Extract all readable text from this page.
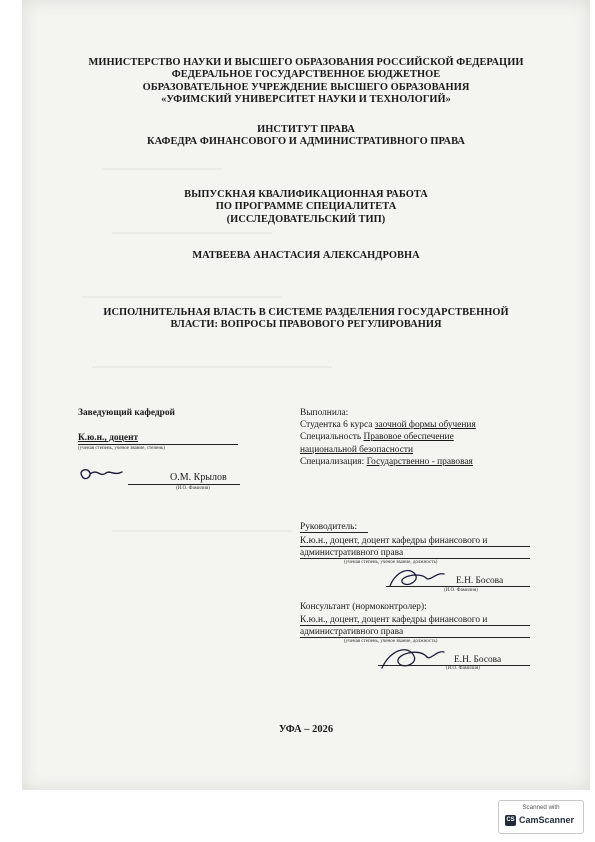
МИНИСТЕРСТВО НАУКИ И ВЫСШЕГО ОБРАЗОВАНИЯ РОССИЙСКОЙ ФЕДЕРАЦИИ
ФЕДЕРАЛЬНОЕ ГОСУДАРСТВЕННОЕ БЮДЖЕТНОЕ
ОБРАЗОВАТЕЛЬНОЕ УЧРЕЖДЕНИЕ ВЫСШЕГО ОБРАЗОВАНИЯ
«УФИМСКИЙ УНИВЕРСИТЕТ НАУКИ И ТЕХНОЛОГИЙ»
ИНСТИТУТ ПРАВА
КАФЕДРА ФИНАНСОВОГО И АДМИНИСТРАТИВНОГО ПРАВА
ВЫПУСКНАЯ КВАЛИФИКАЦИОННАЯ РАБОТА
ПО ПРОГРАММЕ СПЕЦИАЛИТЕТА
(ИССЛЕДОВАТЕЛЬСКИЙ ТИП)
МАТВЕЕВА АНАСТАСИЯ АЛЕКСАНДРОВНА
ИСПОЛНИТЕЛЬНАЯ ВЛАСТЬ В СИСТЕМЕ РАЗДЕЛЕНИЯ ГОСУДАРСТВЕННОЙ
ВЛАСТИ: ВОПРОСЫ ПРАВОВОГО РЕГУЛИРОВАНИЯ
Заведующий кафедрой
К.ю.н., доцент
(ученая степень, ученое звание, степень)
О.М. Крылов
(И.О. Фамилия)
Выполнила:
Студентка 6 курса заочной формы обучения
Специальность Правовое обеспечение
национальной безопасности
Специализация: Государственно - правовая
Руководитель:
К.ю.н., доцент, доцент кафедры финансового и
административного права
(ученая степень, ученое звание, должность)
Е.Н. Босова
(И.О. Фамилия)
Консультант (нормоконтролер):
К.ю.н., доцент, доцент кафедры финансового и
административного права
(ученая степень, ученое звание, должность)
Е.Н. Босова
(И.О. Фамилия)
УФА – 2026
Scanned with
CS CamScanner
